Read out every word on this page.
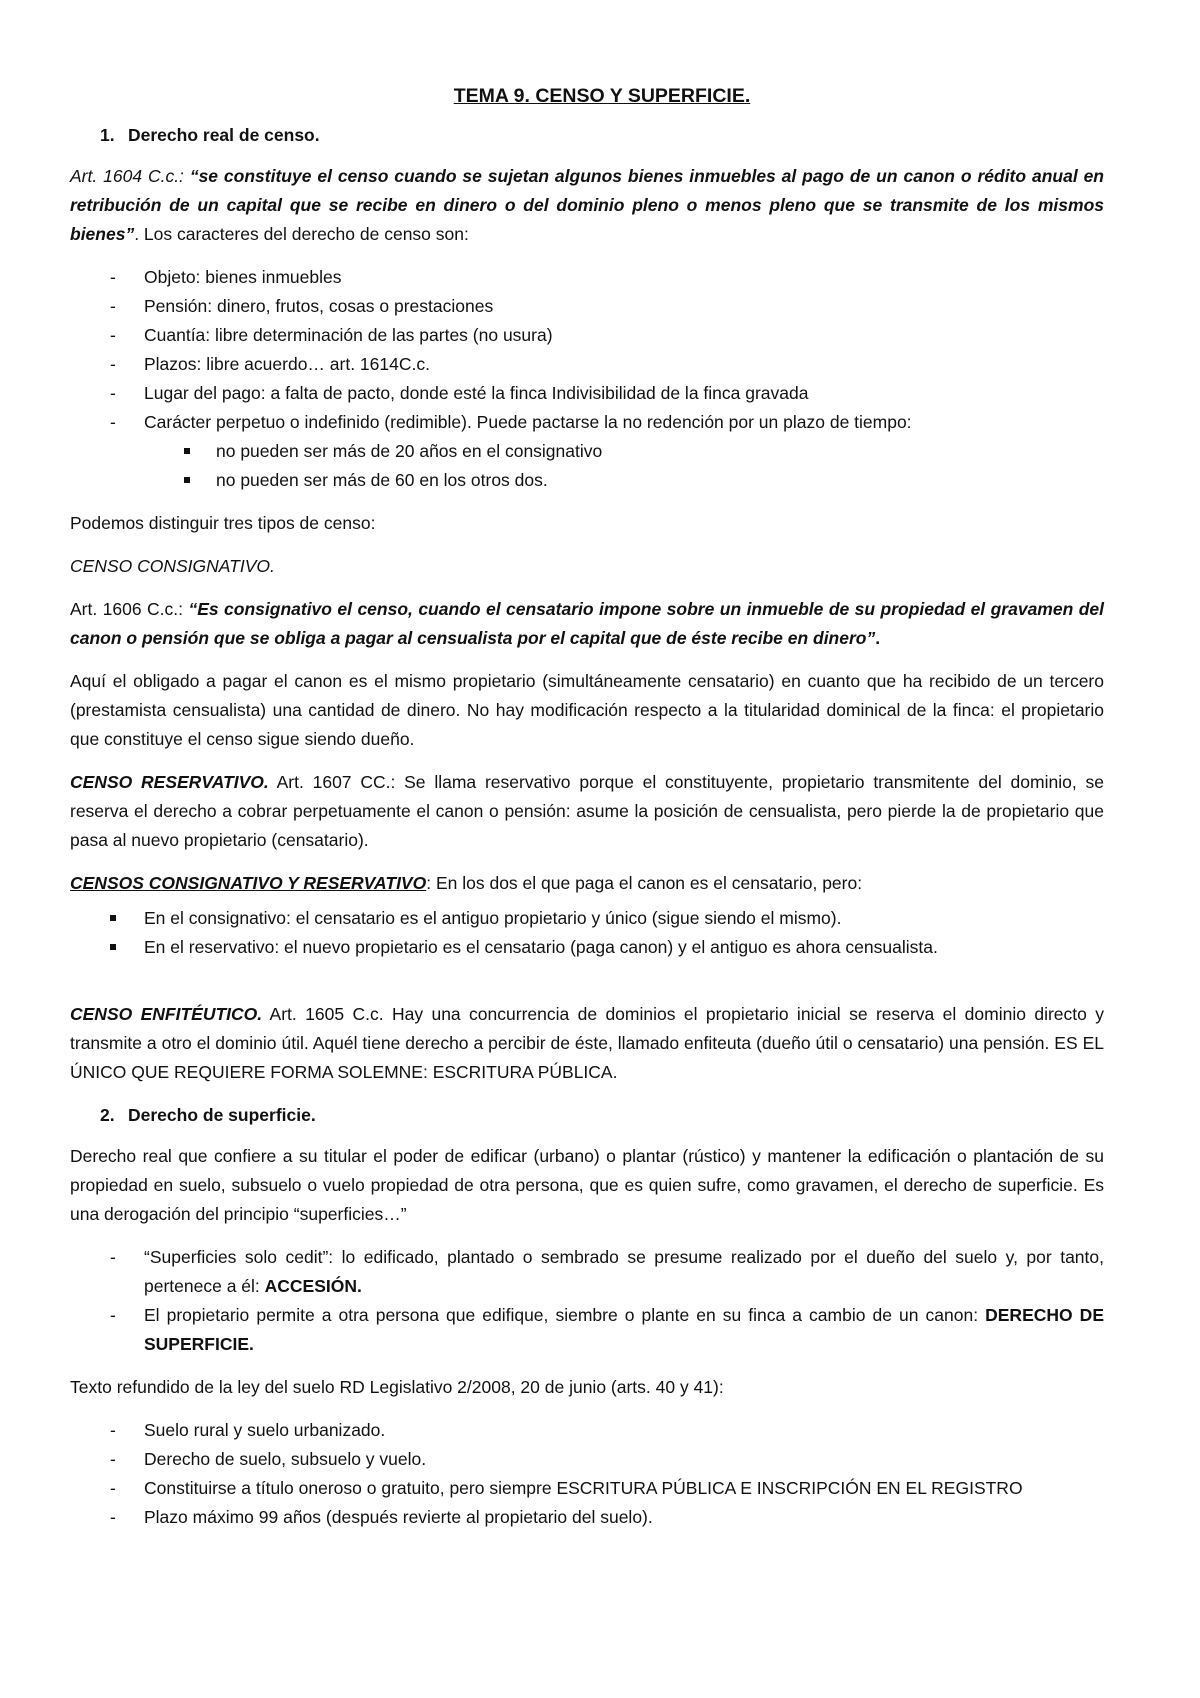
TEMA 9. CENSO Y SUPERFICIE.
1. Derecho real de censo.

Art. 1604 C.c.: “se constituye el censo cuando se sujetan algunos bienes inmuebles al pago de un canon o rédito anual en retribución de un capital que se recibe en dinero o del dominio pleno o menos pleno que se transmite de los mismos bienes”. Los caracteres del derecho de censo son:

-	Objeto: bienes inmuebles
-	Pensión: dinero, frutos, cosas o prestaciones
-	Cuantía: libre determinación de las partes (no usura)
-	Plazos: libre acuerdo… art. 1614C.c.
-	Lugar del pago: a falta de pacto, donde esté la finca Indivisibilidad de la finca gravada
-	Carácter perpetuo o indefinido (redimible). Puede pactarse la no redención por un plazo de tiempo:
no pueden ser más de 20 años en el consignativo
no pueden ser más de 60 en los otros dos.

Podemos distinguir tres tipos de censo:

CENSO CONSIGNATIVO.

Art. 1606 C.c.: “Es consignativo el censo, cuando el censatario impone sobre un inmueble de su propiedad el gravamen del canon o pensión que se obliga a pagar al censualista por el capital que de éste recibe en dinero”.

Aquí el obligado a pagar el canon es el mismo propietario (simultáneamente censatario) en cuanto que ha recibido de un tercero (prestamista censualista) una cantidad de dinero. No hay modificación respecto a la titularidad dominical de la finca: el propietario que constituye el censo sigue siendo dueño.

CENSO RESERVATIVO. Art. 1607 CC.: Se llama reservativo porque el constituyente, propietario transmitente del dominio, se reserva el derecho a cobrar perpetuamente el canon o pensión: asume la posición de censualista, pero pierde la de propietario que pasa al nuevo propietario (censatario).

CENSOS CONSIGNATIVO Y RESERVATIVO: En los dos el que paga el canon es el censatario, pero:

En el consignativo: el censatario es el antiguo propietario y único (sigue siendo el mismo).
En el reservativo: el nuevo propietario es el censatario (paga canon) y el antiguo es ahora censualista.

CENSO ENFITÉUTICO. Art. 1605 C.c. Hay una concurrencia de dominios el propietario inicial se reserva el dominio directo y transmite a otro el dominio útil. Aquél tiene derecho a percibir de éste, llamado enfiteuta (dueño útil o censatario) una pensión. ES EL ÚNICO QUE REQUIERE FORMA SOLEMNE: ESCRITURA PÚBLICA.

2. Derecho de superficie.

Derecho real que confiere a su titular el poder de edificar (urbano) o plantar (rústico) y mantener la edificación o plantación de su propiedad en suelo, subsuelo o vuelo propiedad de otra persona, que es quien sufre, como gravamen, el derecho de superficie. Es una derogación del principio “superficies…”

-	“Superficies solo cedit”: lo edificado, plantado o sembrado se presume realizado por el dueño del suelo y, por tanto, pertenece a él: ACCESIÓN.
-	El propietario permite a otra persona que edifique, siembre o plante en su finca a cambio de un canon: DERECHO DE SUPERFICIE.

Texto refundido de la ley del suelo RD Legislativo 2/2008, 20 de junio (arts. 40 y 41):

-	Suelo rural y suelo urbanizado.
-	Derecho de suelo, subsuelo y vuelo.
-	Constituirse a título oneroso o gratuito, pero siempre ESCRITURA PÚBLICA E INSCRIPCIÓN EN EL REGISTRO
-	Plazo máximo 99 años (después revierte al propietario del suelo).
